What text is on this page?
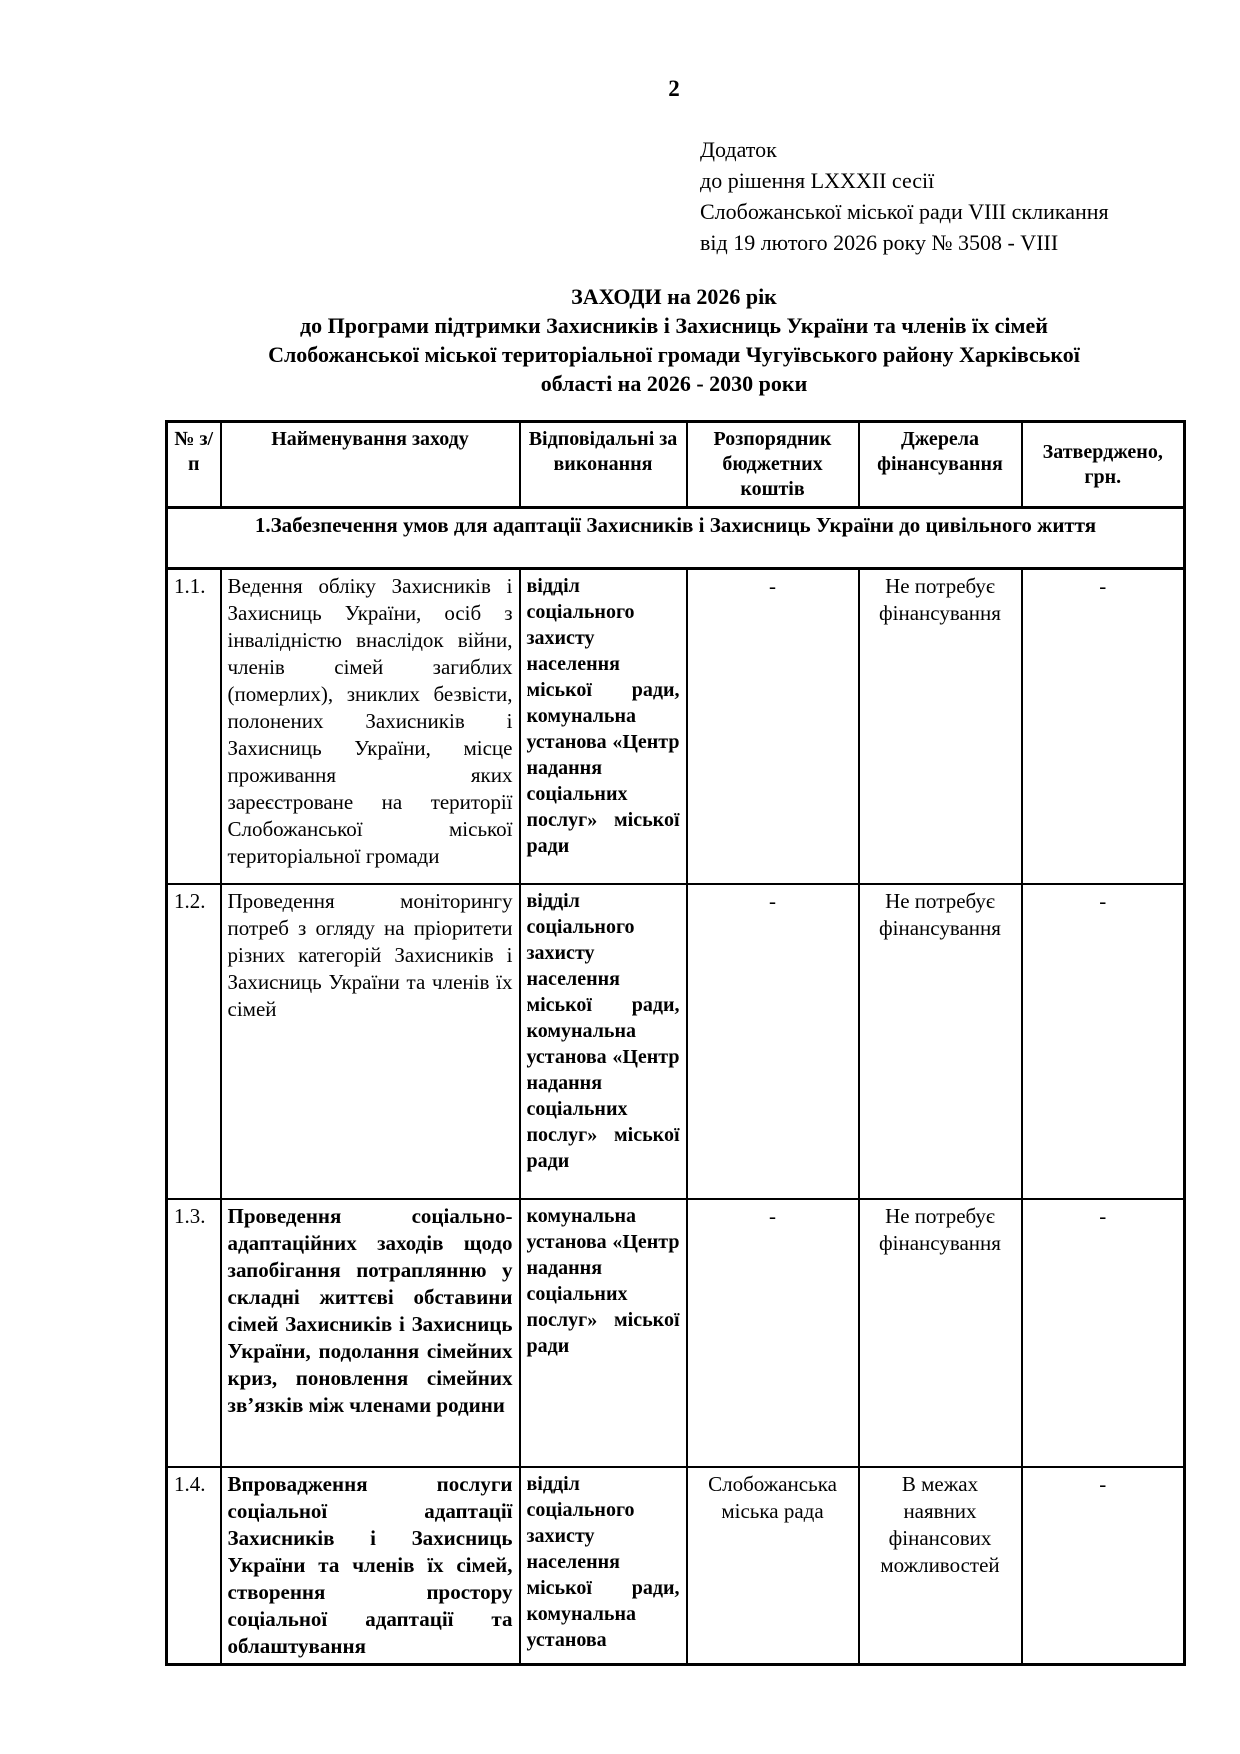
2
Додаток
до рішення LXXXII сесії
Слобожанської міської ради VIII скликання
від 19 лютого 2026 року № 3508 - VIII
ЗАХОДИ на 2026 рік
до Програми підтримки Захисників і Захисниць України та членів їх сімей
Слобожанської міської територіальної громади Чугуївського району Харківської
області на 2026 - 2030 роки
№ з/п	Найменування заходу	Відповідальні за виконання	Розпорядник бюджетних коштів	Джерела фінансування	Затверджено, грн.
1.Забезпечення умов для адаптації Захисників і Захисниць України до цивільного життя					
1.1.	Ведення обліку Захисників і Захисниць України, осіб з інвалідністю внаслідок війни, членів сімей загиблих (померлих), зниклих безвісти, полонених Захисників і Захисниць України, місце проживання яких зареєстроване на території Слобожанської міської територіальної громади	відділ соціального захисту населення міської ради, комунальна установа «Центр надання соціальних послуг» міської ради	-	Не потребує фінансування	-
1.2.	Проведення моніторингу потреб з огляду на пріоритети різних категорій Захисників і Захисниць України та членів їх сімей	відділ соціального захисту населення міської ради, комунальна установа «Центр надання соціальних послуг» міської ради	-	Не потребує фінансування	-
1.3.	Проведення соціально-адаптаційних заходів щодо запобігання потраплянню у складні життєві обставини сімей Захисників і Захисниць України, подолання сімейних криз, поновлення сімейних зв’язків між членами родини	комунальна установа «Центр надання соціальних послуг» міської ради	-	Не потребує фінансування	-
1.4.	Впровадження послуги соціальної адаптації Захисників і Захисниць України та членів їх сімей, створення простору соціальної адаптації та облаштування	відділ соціального захисту населення міської ради, комунальна установа	Слобожанська міська рада	В межах наявних фінансових можливостей	-
